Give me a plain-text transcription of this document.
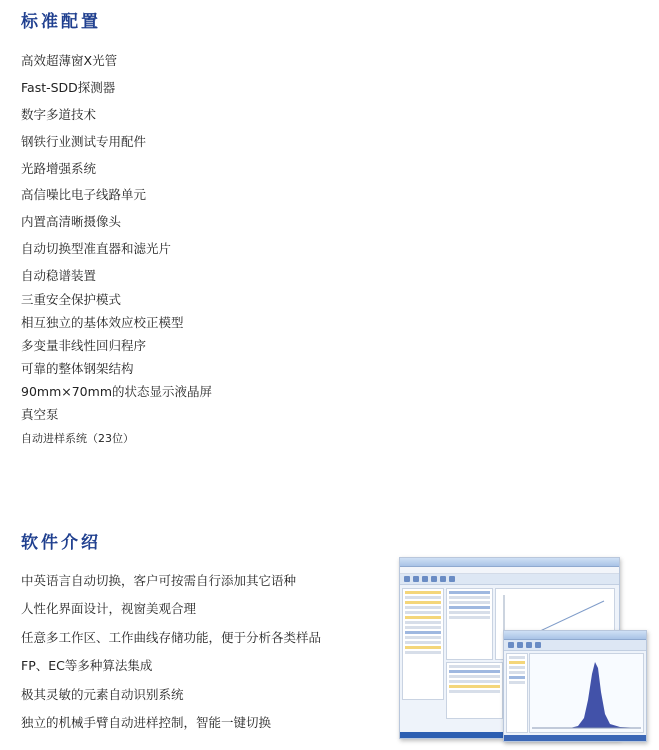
标准配置
高效超薄窗X光管
Fast-SDD探测器
数字多道技术
钢铁行业测试专用配件
光路增强系统
高信噪比电子线路单元
内置高清晰摄像头
自动切换型准直器和滤光片
自动稳谱装置
三重安全保护模式
相互独立的基体效应校正模型
多变量非线性回归程序
可靠的整体钢架结构
90mm×70mm的状态显示液晶屏
真空泵
自动进样系统（23位）
软件介绍
中英语言自动切换，客户可按需自行添加其它语种
人性化界面设计，视窗美观合理
任意多工作区、工作曲线存储功能，便于分析各类样品
FP、EC等多种算法集成
极其灵敏的元素自动识别系统
独立的机械手臂自动进样控制，智能一键切换
